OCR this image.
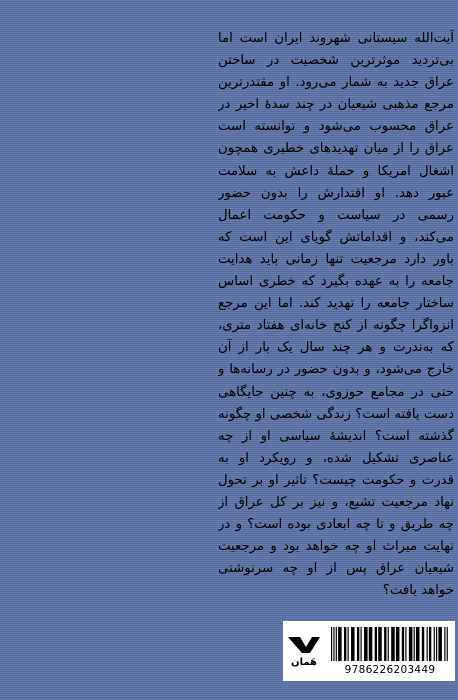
آیت‌الله سیستانی شهروند ایران است اما بی‌تردید موثرترین شخصیت در ساختن عراق جدید به شمار می‌رود. او مقتدرترین مرجع مذهبی شیعیان در چند سدهٔ اخیر در عراق محسوب می‌شود و توانسته است عراق را از میان تهدیدهای خطیری همچون اشغال امریکا و حملهٔ داعش به سلامت عبور دهد. او اقتدارش را بدون حضور رسمی در سیاست و حکومت اعمال می‌کند، و اقداماتش گویای این است که باور دارد مرجعیت تنها زمانی باید هدایت جامعه را به عهده بگیرد که خطری اساس ساختار جامعه را تهدید کند. اما این مرجع انزواگرا چگونه از کنج خانه‌ای هفتاد متری، که به‌ندرت و هر چند سال یک بار از آن خارج می‌شود، و بدون حضور در رسانه‌ها و حتی در مجامع حوزوی، به چنین جایگاهی دست یافته است؟ زندگی شخصی او چگونه گذشته است؟ اندیشهٔ سیاسی او از چه عناصری تشکیل شده، و رویکرد او به قدرت و حکومت چیست؟ تاثیر او بر تحول نهاد مرجعیت تشیع، و نیز بر کل عراق از چه طریق و تا چه ابعادی بوده است؟ و در نهایت میراث او چه خواهد بود و مرجعیت شیعیان عراق پس از او چه سرنوشتی خواهد یافت؟

هَمان
9786226203449
